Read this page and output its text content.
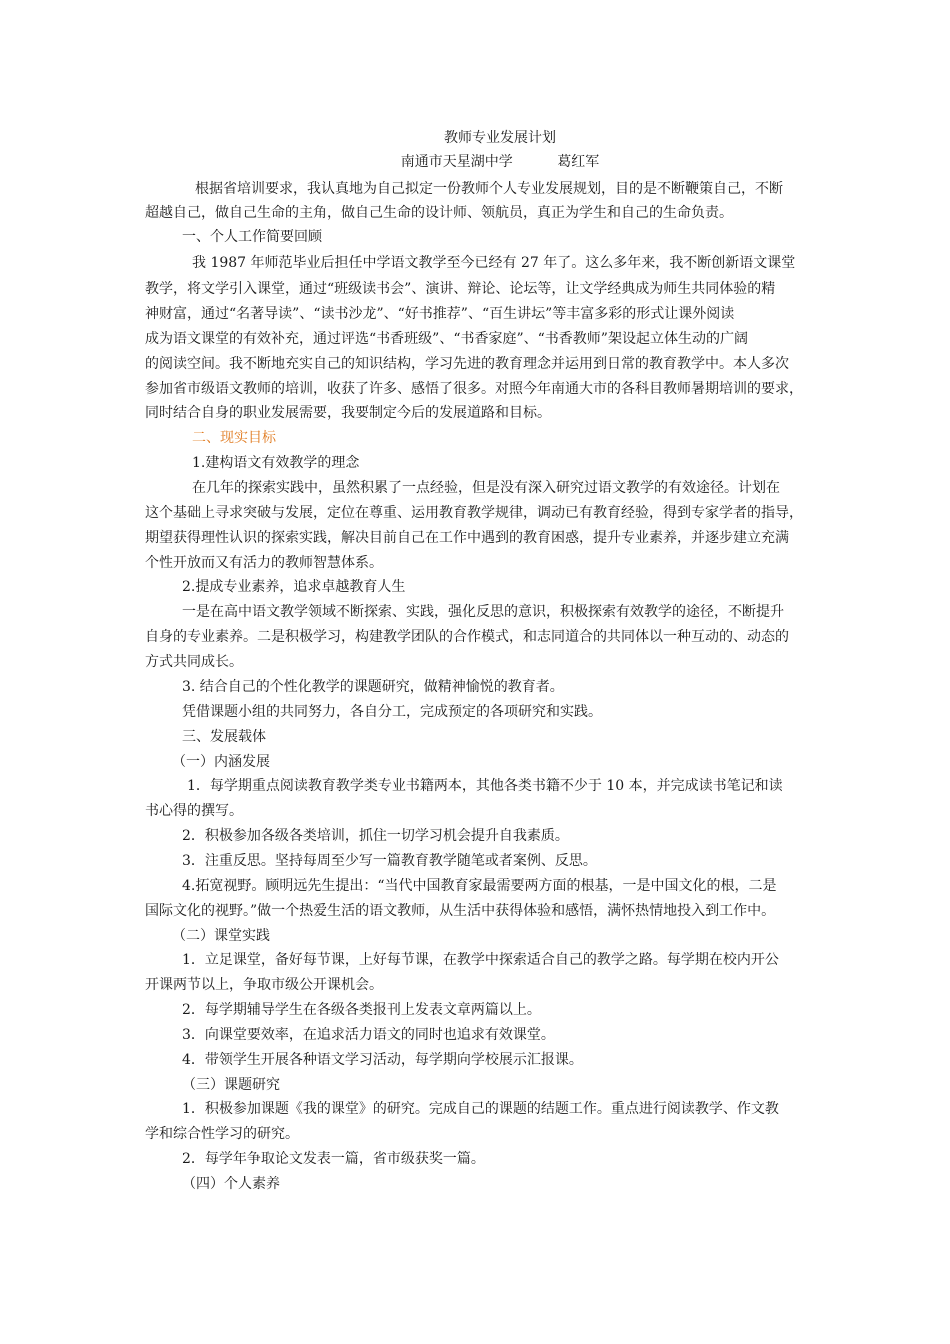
教师专业发展计划
南通市天星湖中学          葛红军
根据省培训要求，我认真地为自己拟定一份教师个人专业发展规划，目的是不断鞭策自己，不断
超越自己，做自己生命的主角，做自己生命的设计师、领航员，真正为学生和自己的生命负责。
一、个人工作简要回顾
我 1987 年师范毕业后担任中学语文教学至今已经有 27 年了。这么多年来，我不断创新语文课堂
教学，将文学引入课堂，通过“班级读书会”、演讲、辩论、论坛等，让文学经典成为师生共同体验的精
神财富，通过“名著导读”、“读书沙龙”、“好书推荐”、“百生讲坛”等丰富多彩的形式让课外阅读
成为语文课堂的有效补充，通过评选“书香班级”、“书香家庭”、“书香教师”架设起立体生动的广阔
的阅读空间。我不断地充实自己的知识结构，学习先进的教育理念并运用到日常的教育教学中。本人多次
参加省市级语文教师的培训，收获了许多、感悟了很多。对照今年南通大市的各科目教师暑期培训的要求，
同时结合自身的职业发展需要，我要制定今后的发展道路和目标。
二、现实目标
1.建构语文有效教学的理念
在几年的探索实践中，虽然积累了一点经验，但是没有深入研究过语文教学的有效途径。计划在
这个基础上寻求突破与发展，定位在尊重、运用教育教学规律，调动已有教育经验，得到专家学者的指导，
期望获得理性认识的探索实践，解决目前自己在工作中遇到的教育困惑，提升专业素养，并逐步建立充满
个性开放而又有活力的教师智慧体系。
2.提成专业素养，追求卓越教育人生
一是在高中语文教学领域不断探索、实践，强化反思的意识，积极探索有效教学的途径，不断提升
自身的专业素养。二是积极学习，构建教学团队的合作模式，和志同道合的共同体以一种互动的、动态的
方式共同成长。
3. 结合自己的个性化教学的课题研究，做精神愉悦的教育者。
凭借课题小组的共同努力，各自分工，完成预定的各项研究和实践。
三、发展载体
（一）内涵发展
1．每学期重点阅读教育教学类专业书籍两本，其他各类书籍不少于 10 本，并完成读书笔记和读
书心得的撰写。
2．积极参加各级各类培训，抓住一切学习机会提升自我素质。
3．注重反思。坚持每周至少写一篇教育教学随笔或者案例、反思。
4.拓宽视野。顾明远先生提出：“当代中国教育家最需要两方面的根基，一是中国文化的根，二是
国际文化的视野。”做一个热爱生活的语文教师，从生活中获得体验和感悟，满怀热情地投入到工作中。
（二）课堂实践
1．立足课堂，备好每节课，上好每节课，在教学中探索适合自己的教学之路。每学期在校内开公
开课两节以上，争取市级公开课机会。
2．每学期辅导学生在各级各类报刊上发表文章两篇以上。
3．向课堂要效率，在追求活力语文的同时也追求有效课堂。
4．带领学生开展各种语文学习活动，每学期向学校展示汇报课。
（三）课题研究
1．积极参加课题《我的课堂》的研究。完成自己的课题的结题工作。重点进行阅读教学、作文教
学和综合性学习的研究。
2．每学年争取论文发表一篇，省市级获奖一篇。
（四）个人素养
